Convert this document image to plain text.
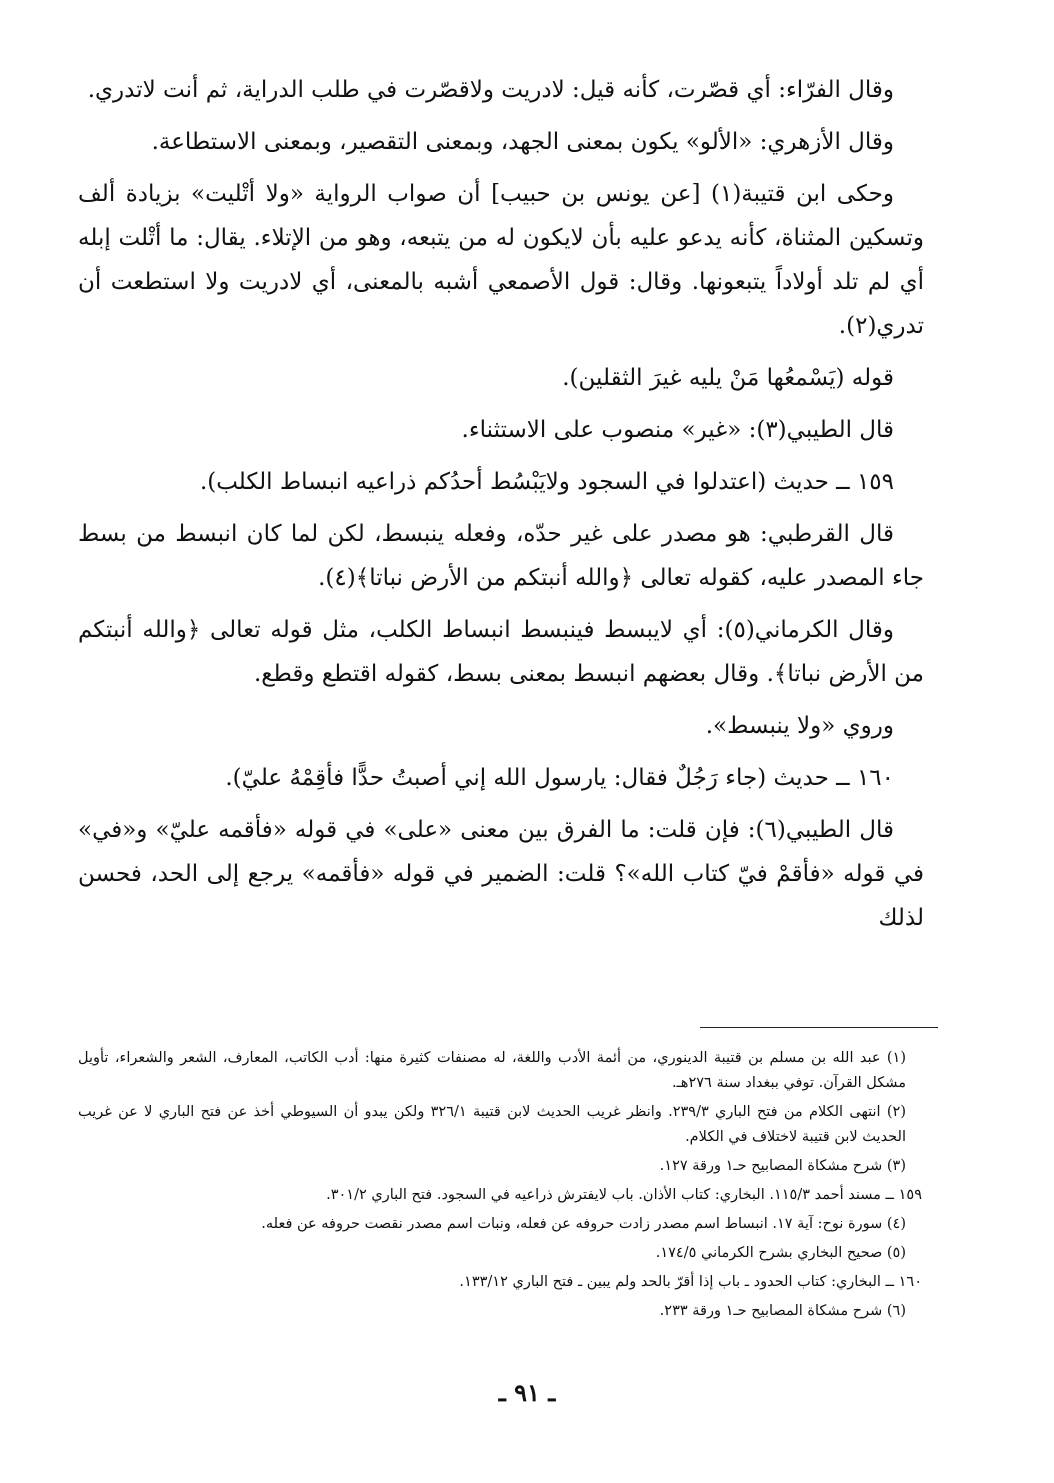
وقال الفرّاء: أي قصّرت، كأنه قيل: لادريت ولاقصّرت في طلب الدراية، ثم أنت لاتدري.

وقال الأزهري: «الألو» يكون بمعنى الجهد، وبمعنى التقصير، وبمعنى الاستطاعة.

وحكى ابن قتيبة(١) [عن يونس بن حبيب] أن صواب الرواية «ولا أتْليت» بزيادة ألف وتسكين المثناة، كأنه يدعو عليه بأن لايكون له من يتبعه، وهو من الإتلاء. يقال: ما أتْلت إبله أي لم تلد أولاداً يتبعونها. وقال: قول الأصمعي أشبه بالمعنى، أي لادريت ولا استطعت أن تدري(٢).

قوله (يَسْمعُها مَنْ يليه غيرَ الثقلين).

قال الطيبي(٣): «غير» منصوب على الاستثناء.

١٥٩ ــ حديث (اعتدلوا في السجود ولايَبْسُط أحدُكم ذراعيه انبساط الكلب).

قال القرطبي: هو مصدر على غير حدّه، وفعله ينبسط، لكن لما كان انبسط من بسط جاء المصدر عليه، كقوله تعالى ﴿والله أنبتكم من الأرض نباتا﴾(٤).

وقال الكرماني(٥): أي لايبسط فينبسط انبساط الكلب، مثل قوله تعالى ﴿والله أنبتكم من الأرض نباتا﴾. وقال بعضهم انبسط بمعنى بسط، كقوله اقتطع وقطع.

وروي «ولا ينبسط».

١٦٠ ــ حديث (جاء رَجُلٌ فقال: يارسول الله إني أصبتُ حدًّا فأقِمْهُ عليّ).

قال الطيبي(٦): فإن قلت: ما الفرق بين معنى «على» في قوله «فأقمه عليّ» و«في» في قوله «فأقمْ فيّ كتاب الله»؟ قلت: الضمير في قوله «فأقمه» يرجع إلى الحد، فحسن لذلك

(١) عبد الله بن مسلم بن قتيبة الدينوري، من أئمة الأدب واللغة، له مصنفات كثيرة منها: أدب الكاتب، المعارف، الشعر والشعراء، تأويل مشكل القرآن. توفي ببغداد سنة ٢٧٦هـ.

(٢) انتهى الكلام من فتح الباري ٢٣٩/٣. وانظر غريب الحديث لابن قتيبة ٣٢٦/١ ولكن يبدو أن السيوطي أخذ عن فتح الباري لا عن غريب الحديث لابن قتيبة لاختلاف في الكلام.

(٣) شرح مشكاة المصابيح حـ١ ورقة ١٢٧.

١٥٩ ــ مسند أحمد ١١٥/٣. البخاري: كتاب الأذان. باب لايفترش ذراعيه في السجود. فتح الباري ٣٠١/٢.

(٤) سورة نوح: آية ١٧. انبساط اسم مصدر زادت حروفه عن فعله، ونبات اسم مصدر نقصت حروفه عن فعله.

(٥) صحيح البخاري بشرح الكرماني ١٧٤/٥.

١٦٠ ــ البخاري: كتاب الحدود ـ باب إذا أقرّ بالحد ولم يبين ـ فتح الباري ١٣٣/١٢.

(٦) شرح مشكاة المصابيح حـ١ ورقة ٢٣٣.

ـ ٩١ ـ
